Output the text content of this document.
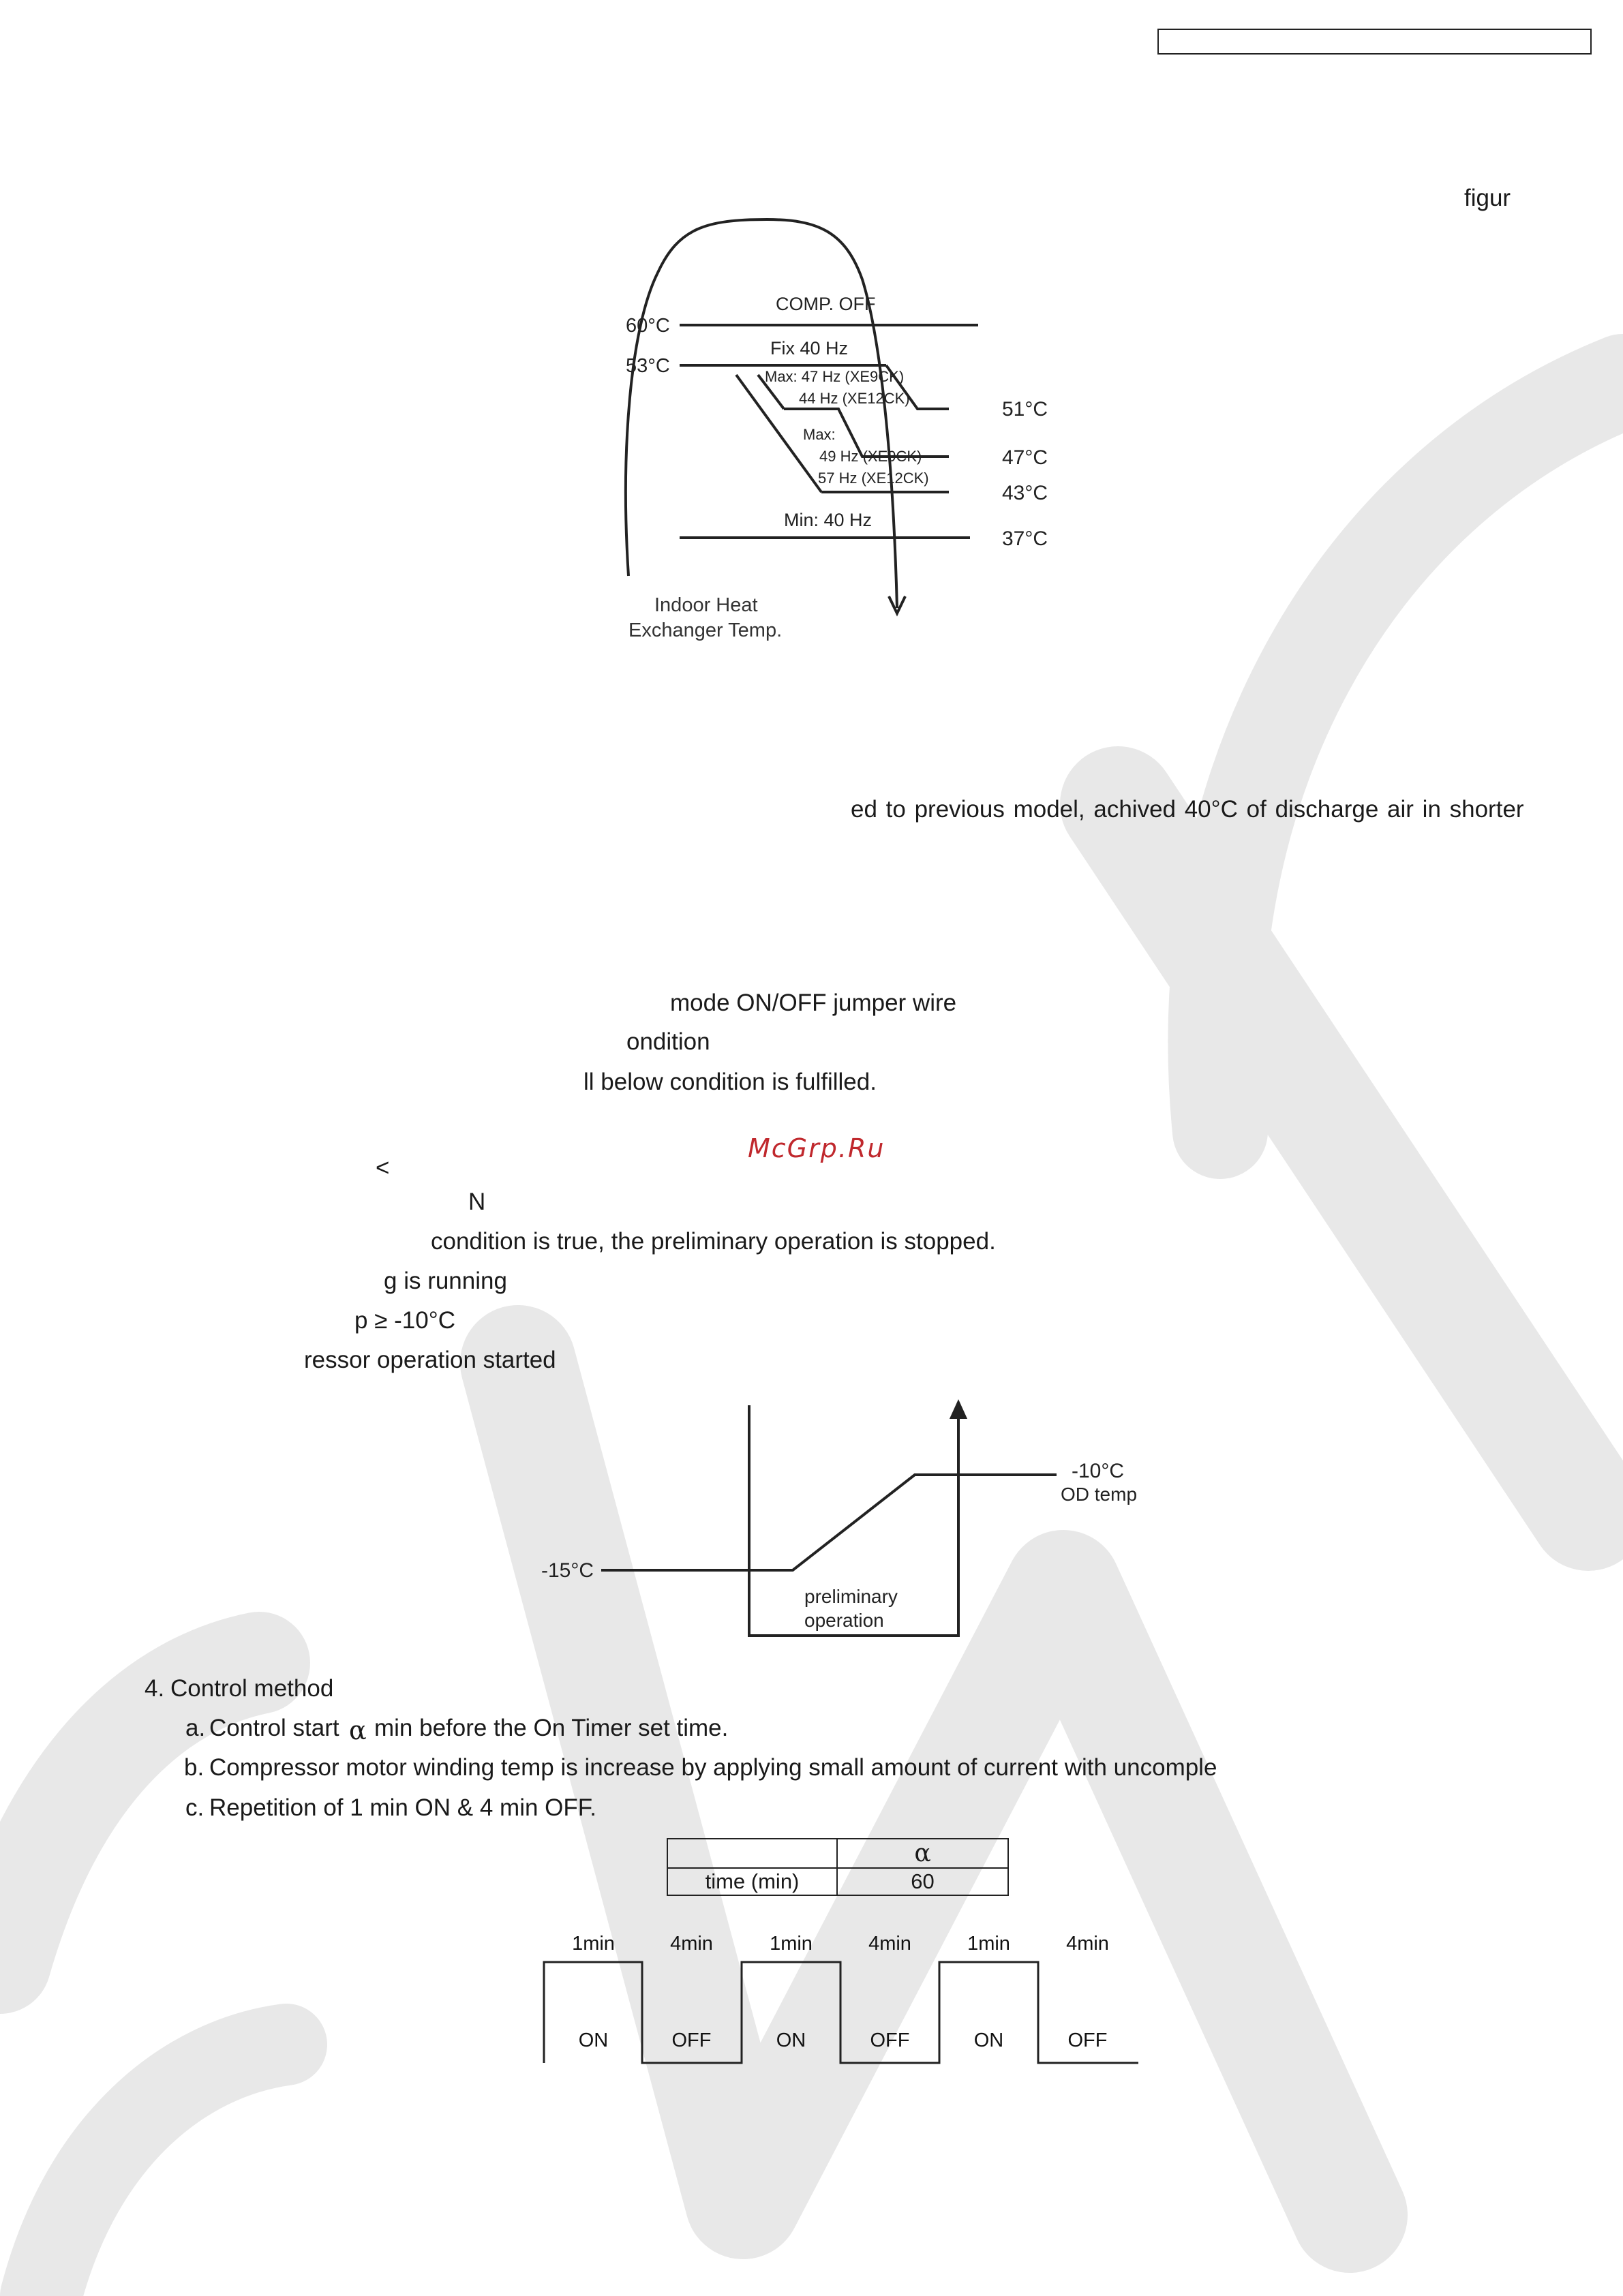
figur
COMP. OFF
Fix 40 Hz
Max: 47 Hz (XE9CK)
44 Hz (XE12CK)
Max:
49 Hz (XE9CK)
57 Hz (XE12CK)
Min: 40 Hz
60°C
53°C
51°C
47°C
43°C
37°C
Indoor Heat
Exchanger Temp.
ed to previous model, achived 40°C of discharge air in shorter
mode ON/OFF jumper wire
ondition
ll below condition is fulfilled.
McGrp.Ru
<
N
condition is true, the preliminary operation is stopped.
g is running
p ≥ -10°C
ressor operation started
-10°C
OD temp
-15°C
preliminary
operation
4. Control method
a. Control start α min before the On Timer set time.
b. Compressor motor winding temp is increase by applying small amount of current with uncomple
c. Repetition of 1 min ON & 4 min OFF.
	α
time (min)	60
1min
ON
4min
OFF
1min
ON
4min
OFF
1min
ON
4min
OFF
